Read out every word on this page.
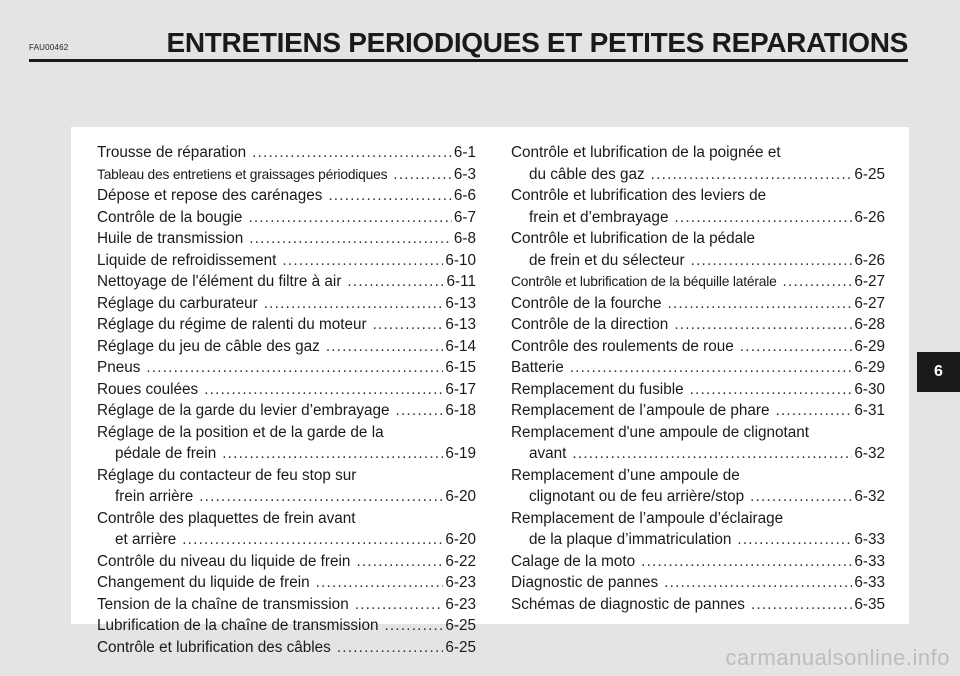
FAU00462	ENTRETIENS PERIODIQUES ET PETITES REPARATIONS
Trousse de réparation .....	6-1
Tableau des entretiens et graissages périodiques .....	6-3
Dépose et repose des carénages .....	6-6
Contrôle de la bougie .....	6-7
Huile de transmission .....	6-8
Liquide de refroidissement .....	6-10
Nettoyage de l'élément du filtre à air .....	6-11
Réglage du carburateur .....	6-13
Réglage du régime de ralenti du moteur .....	6-13
Réglage du jeu de câble des gaz .....	6-14
Pneus .....	6-15
Roues coulées .....	6-17
Réglage de la garde du levier d’embrayage .....	6-18
Réglage de la position et de la garde de la
pédale de frein .....	6-19
Réglage du contacteur de feu stop sur
frein arrière .....	6-20
Contrôle des plaquettes de frein avant
et arrière .....	6-20
Contrôle du niveau du liquide de frein .....	6-22
Changement du liquide de frein .....	6-23
Tension de la chaîne de transmission .....	6-23
Lubrification de la chaîne de transmission .....	6-25
Contrôle et lubrification des câbles .....	6-25
Contrôle et lubrification de la poignée et
du câble des gaz .....	6-25
Contrôle et lubrification des leviers de
frein et d’embrayage .....	6-26
Contrôle et lubrification de la pédale
de frein et du sélecteur .....	6-26
Contrôle et lubrification de la béquille latérale .....	6-27
Contrôle de la fourche .....	6-27
Contrôle de la direction .....	6-28
Contrôle des roulements de roue .....	6-29
Batterie .....	6-29
Remplacement du fusible .....	6-30
Remplacement de l’ampoule de phare .....	6-31
Remplacement d'une ampoule de clignotant
avant .....	6-32
Remplacement d’une ampoule de
clignotant ou de feu arrière/stop .....	6-32
Remplacement de l’ampoule d’éclairage
de la plaque d’immatriculation .....	6-33
Calage de la moto .....	6-33
Diagnostic de pannes .....	6-33
Schémas de diagnostic de pannes .....	6-35
6
carmanualsonline.info
